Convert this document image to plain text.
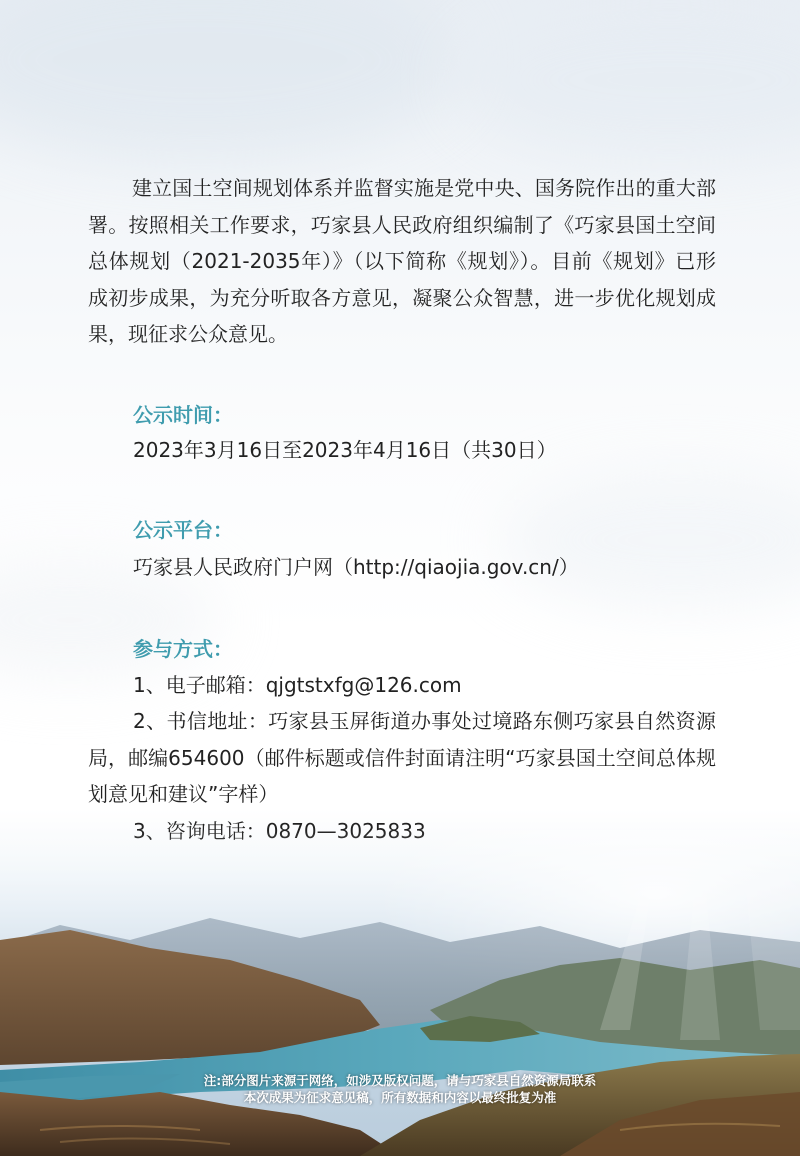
建立国土空间规划体系并监督实施是党中央、国务院作出的重大部署。按照相关工作要求，巧家县人民政府组织编制了《巧家县国土空间总体规划（2021-2035年）》（以下简称《规划》）。目前《规划》已形成初步成果，为充分听取各方意见，凝聚公众智慧，进一步优化规划成果，现征求公众意见。

公示时间：

2023年3月16日至2023年4月16日（共30日）

公示平台：

巧家县人民政府门户网（http://qiaojia.gov.cn/）

参与方式：

1、电子邮箱：qjgtstxfg@126.com

2、书信地址：巧家县玉屏街道办事处过境路东侧巧家县自然资源局，邮编654600（邮件标题或信件封面请注明“巧家县国土空间总体规划意见和建议”字样）

注:部分图片来源于网络，如涉及版权问题，请与巧家县自然资源局联系

本次成果为征求意见稿，所有数据和内容以最终批复为准
